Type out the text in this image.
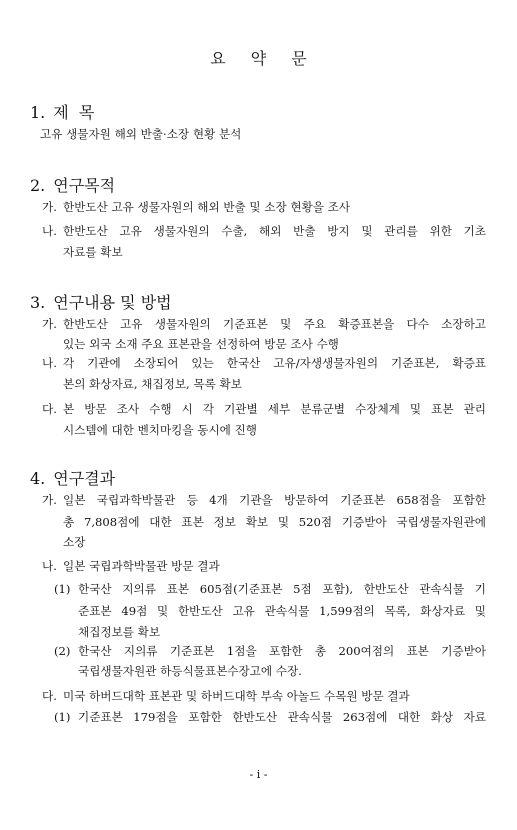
요 약 문
1. 제  목
고유 생물자원 해외 반출·소장 현황 분석
2. 연구목적
가. 한반도산 고유 생물자원의 해외 반출 및 소장 현황을 조사
나. 한반도산 고유 생물자원의 수출, 해외 반출 방지 및 관리를 위한 기초
자료를 확보
3. 연구내용 및 방법
가. 한반도산 고유 생물자원의 기준표본 및 주요 확증표본을 다수 소장하고
있는 외국 소재 주요 표본관을 선정하여 방문 조사 수행
나. 각 기관에 소장되어 있는 한국산 고유/자생생물자원의 기준표본, 확증표
본의 화상자료, 채집정보, 목록 확보
다. 본 방문 조사 수행 시 각 기관별 세부 분류군별 수장체계 및 표본 관리
시스템에 대한 벤치마킹을 동시에 진행
4. 연구결과
가. 일본 국립과학박물관 등 4개 기관을 방문하여 기준표본 658점을 포함한
총 7,808점에 대한 표본 정보 확보 및 520점 기증받아 국립생물자원관에
소장
나. 일본 국립과학박물관 방문 결과
(1) 한국산 지의류 표본 605점(기준표본 5점 포함), 한반도산 관속식물 기
준표본 49점 및 한반도산 고유 관속식물 1,599점의 목록, 화상자료 및
채집정보를 확보
(2) 한국산 지의류 기준표본 1점을 포함한 총 200여점의 표본 기증받아
국립생물자원관 하등식물표본수장고에 수장.
다. 미국 하버드대학 표본관 및 하버드대학 부속 아놀드 수목원 방문 결과
(1) 기준표본 179점을 포함한 한반도산 관속식물 263점에 대한 화상 자료
- i -
